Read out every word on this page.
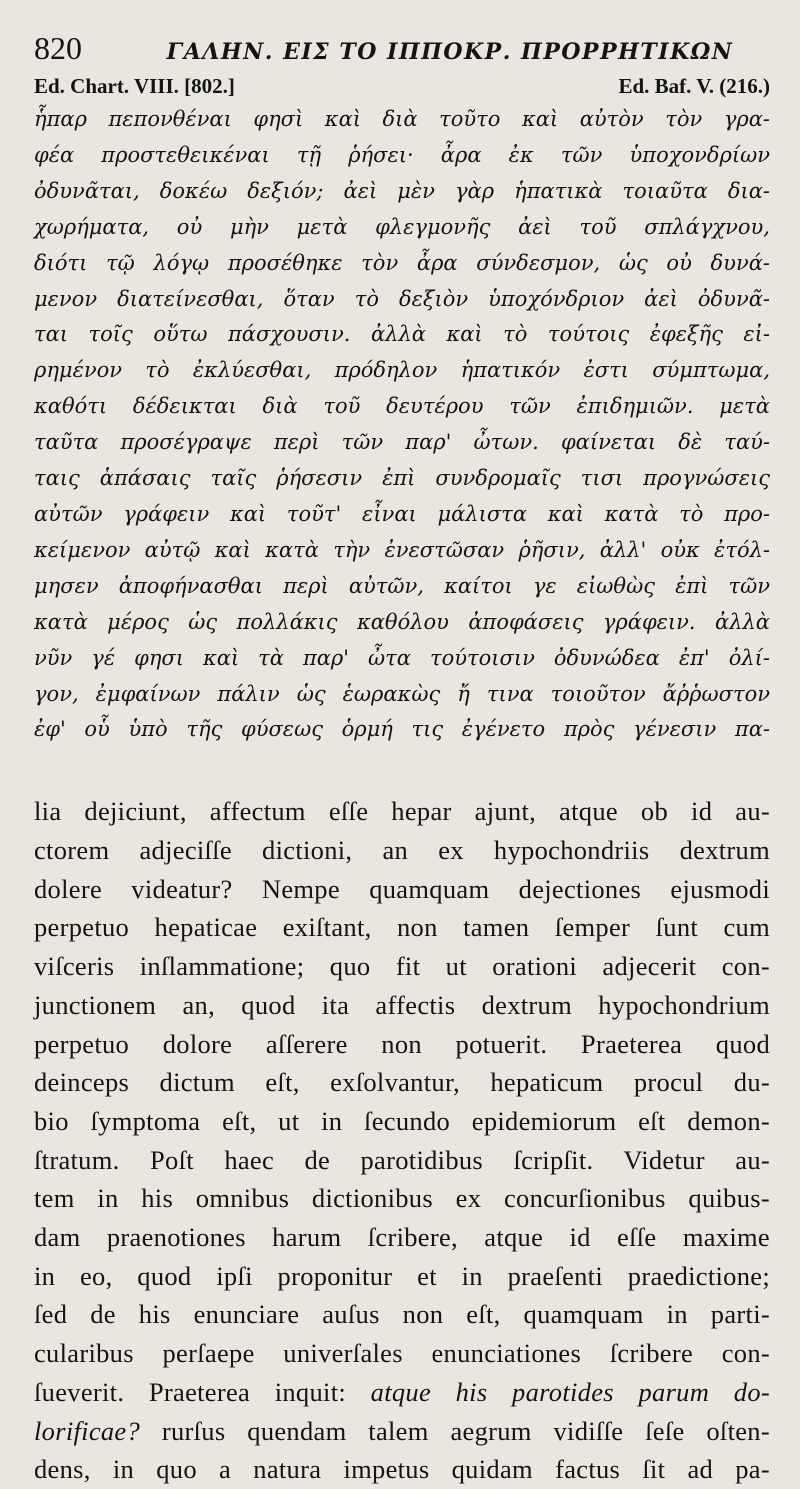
820	ΓΑΛΗΝ. ΕΙΣ ΤΟ ΙΠΠΟΚΡ. ΠΡΟΡΡΗΤΙΚΩΝ
Ed. Chart. VIII. [802.]	Ed. Baf. V. (216.)
ἧπαρ πεπονθέναι φησὶ καὶ διὰ τοῦτο καὶ αὐτὸν τὸν γρα-
φέα προστεθεικέναι τῇ ῥήσει· ἆρα ἐκ τῶν ὑποχονδρίων
ὀδυνᾶται, δοκέω δεξιόν; ἀεὶ μὲν γὰρ ἡπατικὰ τοιαῦτα δια-
χωρήματα, οὐ μὴν μετὰ φλεγμονῆς ἀεὶ τοῦ σπλάγχνου,
διότι τῷ λόγῳ προσέθηκε τὸν ἆρα σύνδεσμον, ὡς οὐ δυνά-
μενον διατείνεσθαι, ὅταν τὸ δεξιὸν ὑποχόνδριον ἀεὶ ὀδυνᾶ-
ται τοῖς οὕτω πάσχουσιν. ἀλλὰ καὶ τὸ τούτοις ἐφεξῆς εἰ-
ρημένον τὸ ἐκλύεσθαι, πρόδηλον ἡπατικόν ἐστι σύμπτωμα,
καθότι δέδεικται διὰ τοῦ δευτέρου τῶν ἐπιδημιῶν. μετὰ
ταῦτα προσέγραψε περὶ τῶν παρ' ὦτων. φαίνεται δὲ ταύ-
ταις ἁπάσαις ταῖς ῥήσεσιν ἐπὶ συνδρομαῖς τισι προγνώσεις
αὐτῶν γράφειν καὶ τοῦτ' εἶναι μάλιστα καὶ κατὰ τὸ προ-
κείμενον αὐτῷ καὶ κατὰ τὴν ἐνεστῶσαν ῥῆσιν, ἀλλ' οὐκ ἐτόλ-
μησεν ἀποφήνασθαι περὶ αὐτῶν, καίτοι γε εἰωθὼς ἐπὶ τῶν
κατὰ μέρος ὡς πολλάκις καθόλου ἀποφάσεις γράφειν. ἀλλὰ
νῦν γέ φησι καὶ τὰ παρ' ὦτα τούτοισιν ὀδυνώδεα ἐπ' ὀλί-
γον, ἐμφαίνων πάλιν ὡς ἑωρακὼς ἤ τινα τοιοῦτον ἄῤῥωστον
ἐφ' οὗ ὑπὸ τῆς φύσεως ὁρμή τις ἐγένετο πρὸς γένεσιν πα-
lia dejiciunt, affectum eſſe hepar ajunt, atque ob id au-
ctorem adjeciſſe dictioni, an ex hypochondriis dextrum
dolere videatur? Nempe quamquam dejectiones ejusmodi
perpetuo hepaticae exiſtant, non tamen ſemper ſunt cum
viſceris inſlammatione; quo fit ut orationi adjecerit con-
junctionem an, quod ita affectis dextrum hypochondrium
perpetuo dolore aſſerere non potuerit. Praeterea quod
deinceps dictum eſt, exſolvantur, hepaticum procul du-
bio ſymptoma eſt, ut in ſecundo epidemiorum eſt demon-
ſtratum. Poſt haec de parotidibus ſcripſit. Videtur au-
tem in his omnibus dictionibus ex concurſionibus quibus-
dam praenotiones harum ſcribere, atque id eſſe maxime
in eo, quod ipſi proponitur et in praeſenti praedictione;
ſed de his enunciare auſus non eſt, quamquam in parti-
cularibus perſaepe univerſales enunciationes ſcribere con-
ſueverit. Praeterea inquit: atque his parotides parum do-
lorificae? rurſus quendam talem aegrum vidiſſe ſeſe oſten-
dens, in quo a natura impetus quidam factus ſit ad pa-
